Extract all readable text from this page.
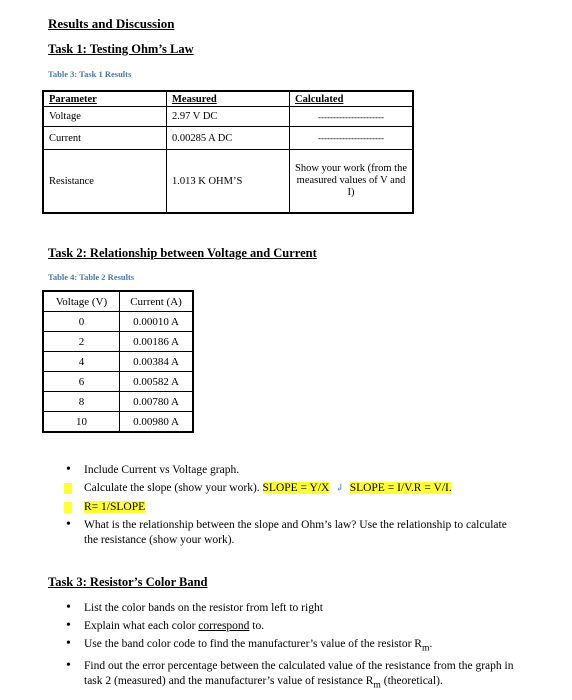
Results and Discussion
Task 1: Testing Ohm’s Law
Table 3: Task 1 Results
Parameter	Measured	Calculated
Voltage	2.97 V DC	----------------------
Current	0.00285 A DC	----------------------
Resistance	1.013 K OHM’S	Show your work (from the measured values of V and I)
Task 2: Relationship between Voltage and Current
Table 4: Table 2 Results
Voltage (V)	Current (A)
0	0.00010 A
2	0.00186 A
4	0.00384 A
6	0.00582 A
8	0.00780 A
10	0.00980 A
• Include Current vs Voltage graph.
• Calculate the slope (show your work). SLOPE = Y/X ↲ SLOPE = I/V.R = V/I.
• R= 1/SLOPE
• What is the relationship between the slope and Ohm’s law? Use the relationship to calculate the resistance (show your work).
Task 3: Resistor’s Color Band
• List the color bands on the resistor from left to right
• Explain what each color correspond to.
• Use the band color code to find the manufacturer’s value of the resistor $R_m$.
• Find out the error percentage between the calculated value of the resistance from the graph in task 2 (measured) and the manufacturer’s value of resistance $R_m$ (theoretical).
